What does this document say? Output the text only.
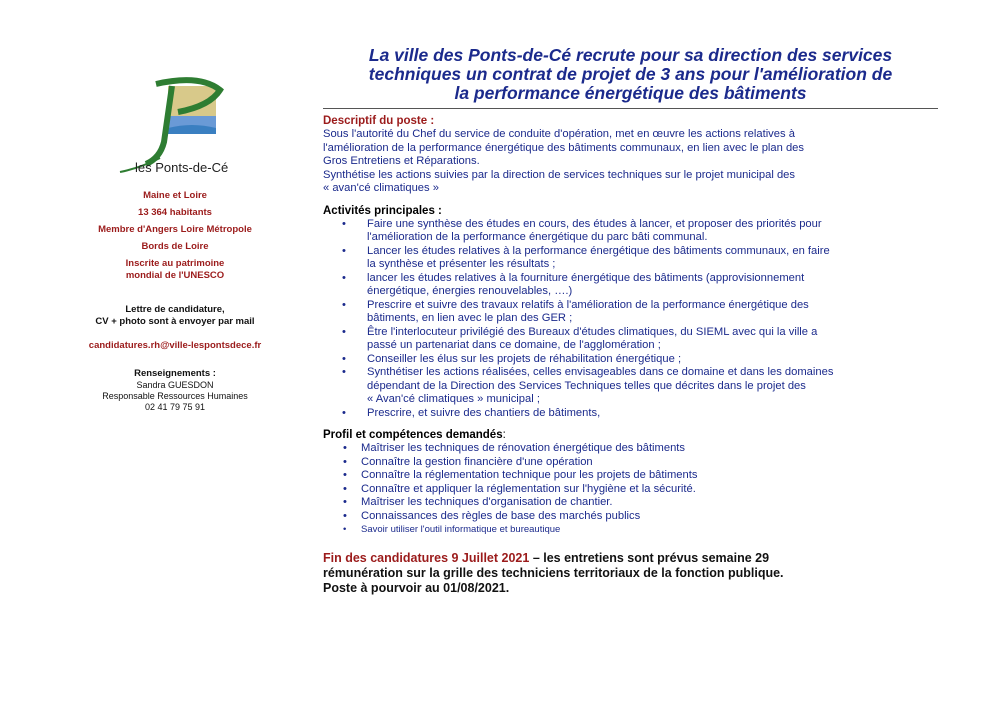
les Ponts-de-Cé

Maine et Loire

13 364 habitants

Membre d'Angers Loire Métropole

Bords de Loire

Inscrite au patrimoine

mondial de l'UNESCO

Lettre de candidature,

CV + photo sont à envoyer par mail

candidatures.rh@ville-lespontsdece.fr

Renseignements :

Sandra GUESDON

Responsable Ressources Humaines

02 41 79 75 91

La ville des Ponts-de-Cé recrute pour sa direction des services
techniques un contrat de projet de 3 ans pour l'amélioration de
la performance énergétique des bâtiments

Descriptif du poste :

Sous l'autorité du Chef du service de conduite d'opération, met en œuvre les actions relatives à

l'amélioration de la performance énergétique des bâtiments communaux, en lien avec le plan des

Gros Entretiens et Réparations.

Synthétise les actions suivies par la direction de services techniques sur le projet municipal des

« avan'cé climatiques »

Activités principales :

• Faire une synthèse des études en cours, des études à lancer, et proposer des priorités pour
l'amélioration de la performance énergétique du parc bâti communal.
• Lancer les études relatives à la performance énergétique des bâtiments communaux, en faire
la synthèse et présenter les résultats ;
• lancer les études relatives à la fourniture énergétique des bâtiments (approvisionnement
énergétique, énergies renouvelables, ….)
• Prescrire et suivre des travaux relatifs à l'amélioration de la performance énergétique des
bâtiments, en lien avec le plan des GER ;
• Être l'interlocuteur privilégié des Bureaux d'études climatiques, du SIEML avec qui la ville a
passé un partenariat dans ce domaine, de l'agglomération ;
• Conseiller les élus sur les projets de réhabilitation énergétique ;
• Synthétiser les actions réalisées, celles envisageables dans ce domaine et dans les domaines
dépendant de la Direction des Services Techniques telles que décrites dans le projet des
« Avan'cé climatiques » municipal ;
• Prescrire, et suivre des chantiers de bâtiments,

Profil et compétences demandés:

• Maîtriser les techniques de rénovation énergétique des bâtiments
• Connaître la gestion financière d'une opération
• Connaître la réglementation technique pour les projets de bâtiments
• Connaître et appliquer la réglementation sur l'hygiène et la sécurité.
• Maîtriser les techniques d'organisation de chantier.
• Connaissances des règles de base des marchés publics
• Savoir utiliser l'outil informatique et bureautique

Fin des candidatures 9 Juillet 2021 – les entretiens sont prévus semaine 29

rémunération sur la grille des techniciens territoriaux de la fonction publique.

Poste à pourvoir au 01/08/2021.
